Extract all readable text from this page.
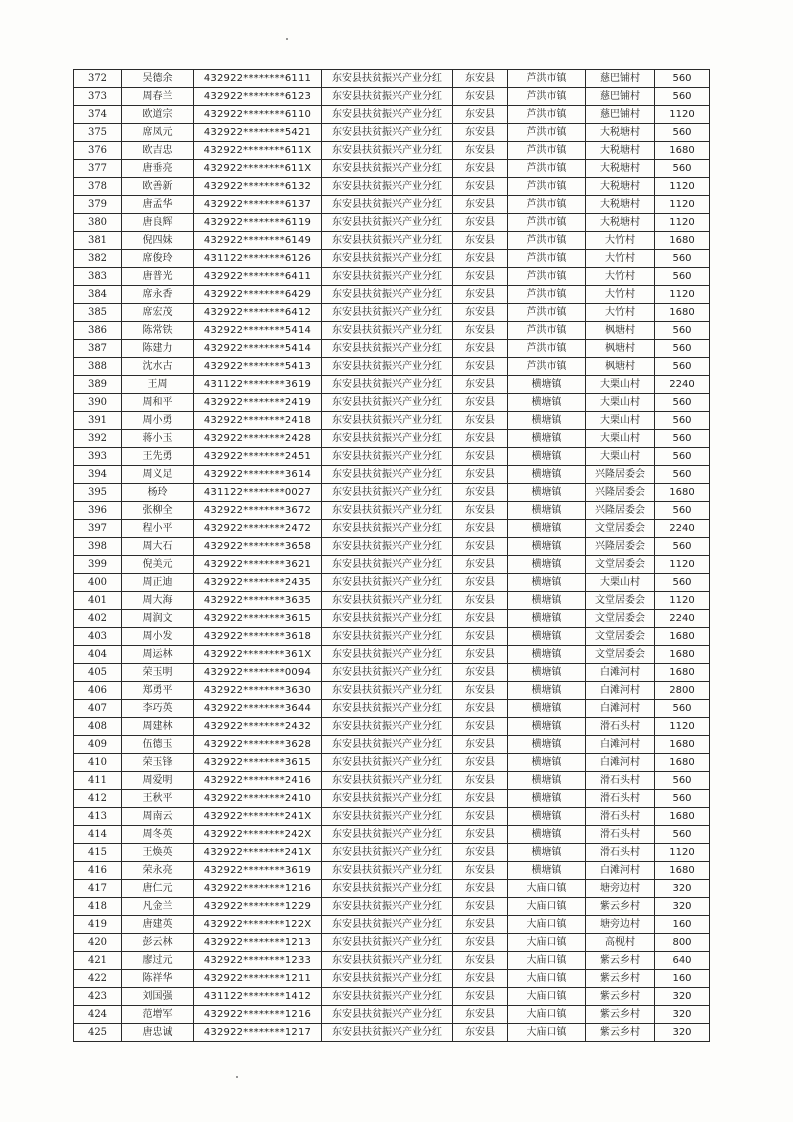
372	吴德余	432922********6111	东安县扶贫振兴产业分红	东安县	芦洪市镇	慈巴铺村	560
373	周春兰	432922********6123	东安县扶贫振兴产业分红	东安县	芦洪市镇	慈巴铺村	560
374	欧道宗	432922********6110	东安县扶贫振兴产业分红	东安县	芦洪市镇	慈巴铺村	1120
375	席凤元	432922********5421	东安县扶贫振兴产业分红	东安县	芦洪市镇	大税塘村	560
376	欧吉忠	432922********611X	东安县扶贫振兴产业分红	东安县	芦洪市镇	大税塘村	1680
377	唐垂亮	432922********611X	东安县扶贫振兴产业分红	东安县	芦洪市镇	大税塘村	560
378	欧善新	432922********6132	东安县扶贫振兴产业分红	东安县	芦洪市镇	大税塘村	1120
379	唐孟华	432922********6137	东安县扶贫振兴产业分红	东安县	芦洪市镇	大税塘村	1120
380	唐良辉	432922********6119	东安县扶贫振兴产业分红	东安县	芦洪市镇	大税塘村	1120
381	倪四妹	432922********6149	东安县扶贫振兴产业分红	东安县	芦洪市镇	大竹村	1680
382	席俊玲	431122********6126	东安县扶贫振兴产业分红	东安县	芦洪市镇	大竹村	560
383	唐普光	432922********6411	东安县扶贫振兴产业分红	东安县	芦洪市镇	大竹村	560
384	席永香	432922********6429	东安县扶贫振兴产业分红	东安县	芦洪市镇	大竹村	1120
385	席宏茂	432922********6412	东安县扶贫振兴产业分红	东安县	芦洪市镇	大竹村	1680
386	陈常铁	432922********5414	东安县扶贫振兴产业分红	东安县	芦洪市镇	枫塘村	560
387	陈建力	432922********5414	东安县扶贫振兴产业分红	东安县	芦洪市镇	枫塘村	560
388	沈水古	432922********5413	东安县扶贫振兴产业分红	东安县	芦洪市镇	枫塘村	560
389	王周	431122********3619	东安县扶贫振兴产业分红	东安县	横塘镇	大栗山村	2240
390	周和平	432922********2419	东安县扶贫振兴产业分红	东安县	横塘镇	大栗山村	560
391	周小勇	432922********2418	东安县扶贫振兴产业分红	东安县	横塘镇	大栗山村	560
392	蒋小玉	432922********2428	东安县扶贫振兴产业分红	东安县	横塘镇	大栗山村	560
393	王先勇	432922********2451	东安县扶贫振兴产业分红	东安县	横塘镇	大栗山村	560
394	周义足	432922********3614	东安县扶贫振兴产业分红	东安县	横塘镇	兴隆居委会	560
395	杨玲	431122********0027	东安县扶贫振兴产业分红	东安县	横塘镇	兴隆居委会	1680
396	张柳全	432922********3672	东安县扶贫振兴产业分红	东安县	横塘镇	兴隆居委会	560
397	程小平	432922********2472	东安县扶贫振兴产业分红	东安县	横塘镇	文堂居委会	2240
398	周大石	432922********3658	东安县扶贫振兴产业分红	东安县	横塘镇	兴隆居委会	560
399	倪美元	432922********3621	东安县扶贫振兴产业分红	东安县	横塘镇	文堂居委会	1120
400	周正迪	432922********2435	东安县扶贫振兴产业分红	东安县	横塘镇	大栗山村	560
401	周大海	432922********3635	东安县扶贫振兴产业分红	东安县	横塘镇	文堂居委会	1120
402	周润文	432922********3615	东安县扶贫振兴产业分红	东安县	横塘镇	文堂居委会	2240
403	周小发	432922********3618	东安县扶贫振兴产业分红	东安县	横塘镇	文堂居委会	1680
404	周运林	432922********361X	东安县扶贫振兴产业分红	东安县	横塘镇	文堂居委会	1680
405	荣玉明	432922********0094	东安县扶贫振兴产业分红	东安县	横塘镇	白滩河村	1680
406	郑勇平	432922********3630	东安县扶贫振兴产业分红	东安县	横塘镇	白滩河村	2800
407	李巧英	432922********3644	东安县扶贫振兴产业分红	东安县	横塘镇	白滩河村	560
408	周建林	432922********2432	东安县扶贫振兴产业分红	东安县	横塘镇	滑石头村	1120
409	伍德玉	432922********3628	东安县扶贫振兴产业分红	东安县	横塘镇	白滩河村	1680
410	荣玉锋	432922********3615	东安县扶贫振兴产业分红	东安县	横塘镇	白滩河村	1680
411	周爱明	432922********2416	东安县扶贫振兴产业分红	东安县	横塘镇	滑石头村	560
412	王秋平	432922********2410	东安县扶贫振兴产业分红	东安县	横塘镇	滑石头村	560
413	周南云	432922********241X	东安县扶贫振兴产业分红	东安县	横塘镇	滑石头村	1680
414	周冬英	432922********242X	东安县扶贫振兴产业分红	东安县	横塘镇	滑石头村	560
415	王焕英	432922********241X	东安县扶贫振兴产业分红	东安县	横塘镇	滑石头村	1120
416	荣永亮	432922********3619	东安县扶贫振兴产业分红	东安县	横塘镇	白滩河村	1680
417	唐仁元	432922********1216	东安县扶贫振兴产业分红	东安县	大庙口镇	塘旁边村	320
418	凡金兰	432922********1229	东安县扶贫振兴产业分红	东安县	大庙口镇	紫云乡村	320
419	唐建英	432922********122X	东安县扶贫振兴产业分红	东安县	大庙口镇	塘旁边村	160
420	彭云林	432922********1213	东安县扶贫振兴产业分红	东安县	大庙口镇	高枧村	800
421	廖过元	432922********1233	东安县扶贫振兴产业分红	东安县	大庙口镇	紫云乡村	640
422	陈祥华	432922********1211	东安县扶贫振兴产业分红	东安县	大庙口镇	紫云乡村	160
423	刘国强	431122********1412	东安县扶贫振兴产业分红	东安县	大庙口镇	紫云乡村	320
424	范增军	432922********1216	东安县扶贫振兴产业分红	东安县	大庙口镇	紫云乡村	320
425	唐忠诚	432922********1217	东安县扶贫振兴产业分红	东安县	大庙口镇	紫云乡村	320
